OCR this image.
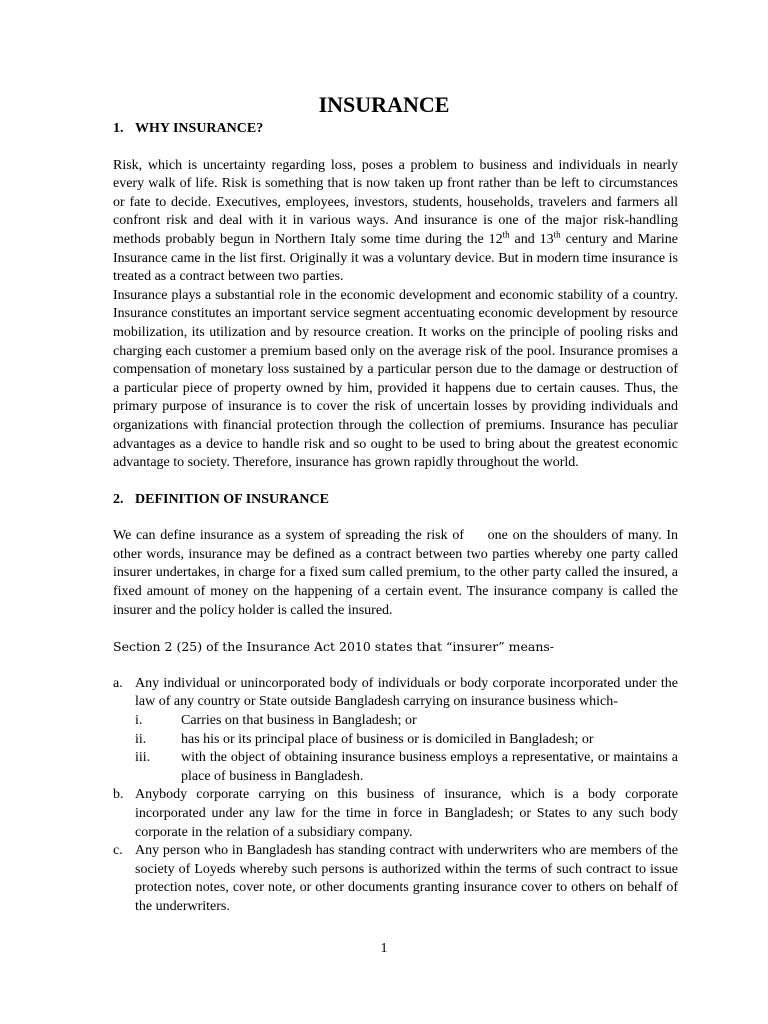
INSURANCE
1. WHY INSURANCE?

Risk, which is uncertainty regarding loss, poses a problem to business and individuals in nearly every walk of life. Risk is something that is now taken up front rather than be left to circumstances or fate to decide. Executives, employees, investors, students, households, travelers and farmers all confront risk and deal with it in various ways. And insurance is one of the major risk-handling methods probably begun in Northern Italy some time during the 12th and 13th century and Marine Insurance came in the list first. Originally it was a voluntary device. But in modern time insurance is treated as a contract between two parties.

Insurance plays a substantial role in the economic development and economic stability of a country. Insurance constitutes an important service segment accentuating economic development by resource mobilization, its utilization and by resource creation. It works on the principle of pooling risks and charging each customer a premium based only on the average risk of the pool. Insurance promises a compensation of monetary loss sustained by a particular person due to the damage or destruction of a particular piece of property owned by him, provided it happens due to certain causes. Thus, the primary purpose of insurance is to cover the risk of uncertain losses by providing individuals and organizations with financial protection through the collection of premiums. Insurance has peculiar advantages as a device to handle risk and so ought to be used to bring about the greatest economic advantage to society. Therefore, insurance has grown rapidly throughout the world.

2. DEFINITION OF INSURANCE

We can define insurance as a system of spreading the risk of     one on the shoulders of many. In other words, insurance may be defined as a contract between two parties whereby one party called insurer undertakes, in charge for a fixed sum called premium, to the other party called the insured, a fixed amount of money on the happening of a certain event. The insurance company is called the insurer and the policy holder is called the insured.

Section 2 (25) of the Insurance Act 2010 states that “insurer” means-

a. Any individual or unincorporated body of individuals or body corporate incorporated under the law of any country or State outside Bangladesh carrying on insurance business which-
i.	Carries on that business in Bangladesh; or
ii. has his or its principal place of business or is domiciled in Bangladesh; or
iii. with the object of obtaining insurance business employs a representative, or maintains a place of business in Bangladesh.
b. Anybody corporate carrying on this business of insurance, which is a body corporate incorporated under any law for the time in force in Bangladesh; or States to any such body corporate in the relation of a subsidiary company.
c. Any person who in Bangladesh has standing contract with underwriters who are members of the society of Loyeds whereby such persons is authorized within the terms of such contract to issue protection notes, cover note, or other documents granting insurance cover to others on behalf of the underwriters.
1
